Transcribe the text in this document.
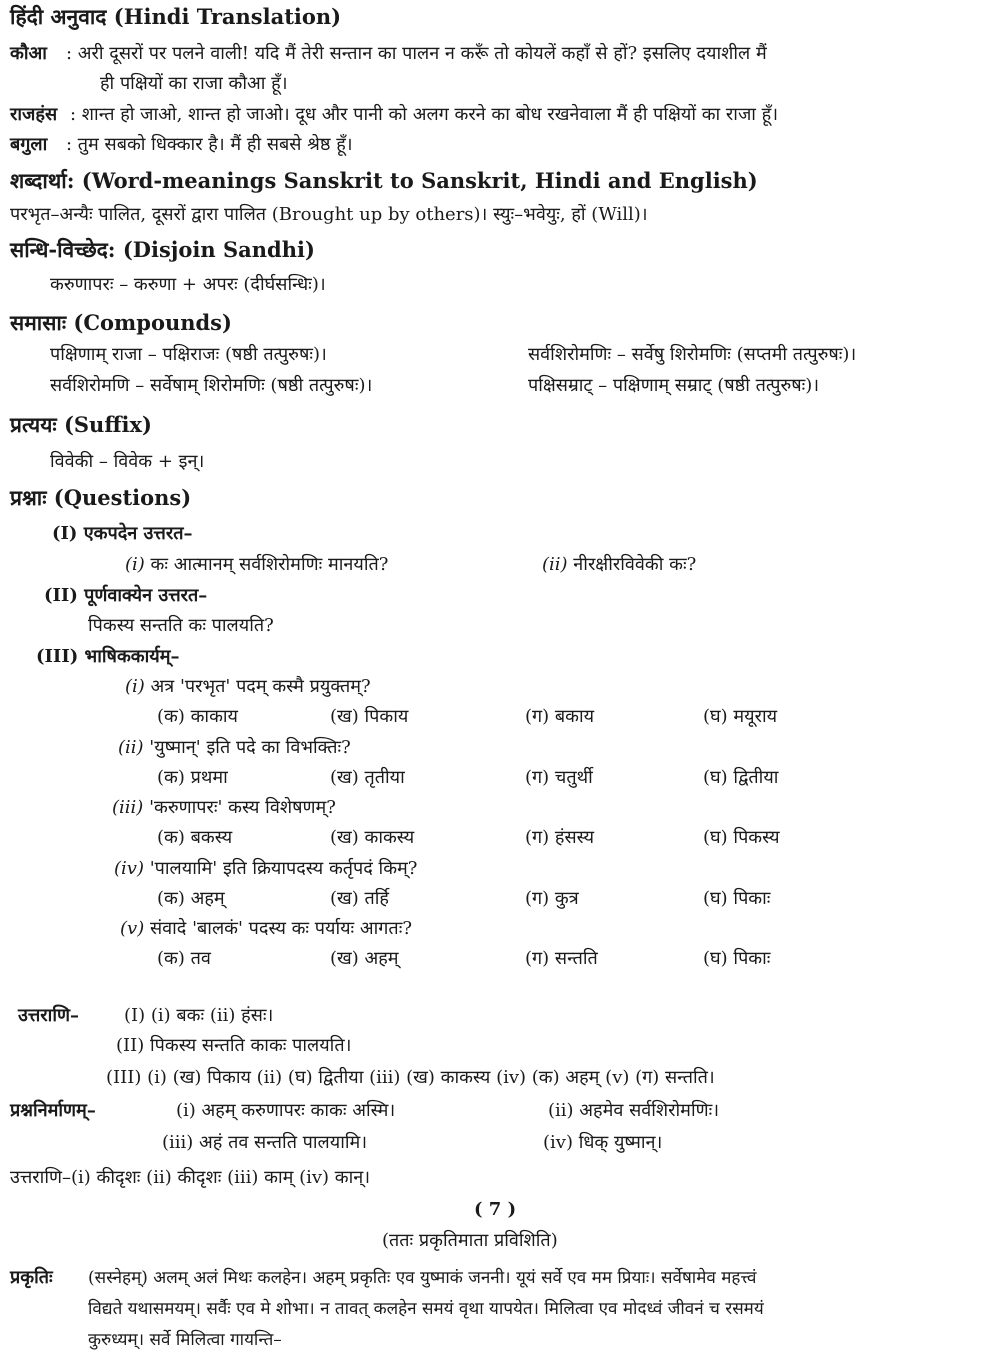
हिंदी अनुवाद (Hindi Translation)
कौआ : अरी दूसरों पर पलने वाली! यदि मैं तेरी सन्तान का पालन न करूँ तो कोयलें कहाँ से हों? इसलिए दयाशील मैं
ही पक्षियों का राजा कौआ हूँ।
राजहंस : शान्त हो जाओ, शान्त हो जाओ। दूध और पानी को अलग करने का बोध रखनेवाला मैं ही पक्षियों का राजा हूँ।
बगुला : तुम सबको धिक्कार है। मैं ही सबसे श्रेष्ठ हूँ।
शब्दार्था: (Word-meanings Sanskrit to Sanskrit, Hindi and English)
परभृत–अन्यैः पालित, दूसरों द्वारा पालित (Brought up by others)। स्युः–भवेयुः, हों (Will)।
सन्धि-विच्छेद: (Disjoin Sandhi)
करुणापरः – करुणा + अपरः (दीर्घसन्धिः)।
समासाः (Compounds)
पक्षिणाम् राजा – पक्षिराजः (षष्ठी तत्पुरुषः)।	सर्वशिरोमणिः – सर्वेषु शिरोमणिः (सप्तमी तत्पुरुषः)।
सर्वशिरोमणि – सर्वेषाम् शिरोमणिः (षष्ठी तत्पुरुषः)।	पक्षिसम्राट् – पक्षिणाम् सम्राट् (षष्ठी तत्पुरुषः)।
प्रत्ययः (Suffix)
विवेकी – विवेक + इन्।
प्रश्नाः (Questions)
(I) एकपदेन उत्तरत–
(i) कः आत्मानम् सर्वशिरोमणिः मानयति?	(ii) नीरक्षीरविवेकी कः?
(II) पूर्णवाक्येन उत्तरत–
पिकस्य सन्तति कः पालयति?
(III) भाषिककार्यम्–
(i) अत्र 'परभृत' पदम् कस्मै प्रयुक्तम्?
(क) काकाय	(ख) पिकाय	(ग) बकाय	(घ) मयूराय
(ii) 'युष्मान्' इति पदे का विभक्तिः?
(क) प्रथमा	(ख) तृतीया	(ग) चतुर्थी	(घ) द्वितीया
(iii) 'करुणापरः' कस्य विशेषणम्?
(क) बकस्य	(ख) काकस्य	(ग) हंसस्य	(घ) पिकस्य
(iv) 'पालयामि' इति क्रियापदस्य कर्तृपदं किम्?
(क) अहम्	(ख) तर्हि	(ग) कुत्र	(घ) पिकाः
(v) संवादे 'बालकं' पदस्य कः पर्यायः आगतः?
(क) तव	(ख) अहम्	(ग) सन्तति	(घ) पिकाः
उत्तराणि– (I) (i) बकः (ii) हंसः।
(II) पिकस्य सन्तति काकः पालयति।
(III) (i) (ख) पिकाय (ii) (घ) द्वितीया (iii) (ख) काकस्य (iv) (क) अहम् (v) (ग) सन्तति।
प्रश्ननिर्माणम्–	(i) अहम् करुणापरः काकः अस्मि।	(ii) अहमेव सर्वशिरोमणिः।
(iii) अहं तव सन्तति पालयामि।	(iv) धिक् युष्मान्।
उत्तराणि–(i) कीदृशः (ii) कीदृशः (iii) काम् (iv) कान्।
( 7 )
(ततः प्रकृतिमाता प्रविशिति)
प्रकृतिः (सस्नेहम्) अलम् अलं मिथः कलहेन। अहम् प्रकृतिः एव युष्माकं जननी। यूयं सर्वे एव मम प्रियाः। सर्वेषामेव महत्त्वं
विद्यते यथासमयम्। सर्वैः एव मे शोभा। न तावत् कलहेन समयं वृथा यापयेत। मिलित्वा एव मोदध्वं जीवनं च रसमयं
कुरुध्यम्। सर्वे मिलित्वा गायन्ति–
